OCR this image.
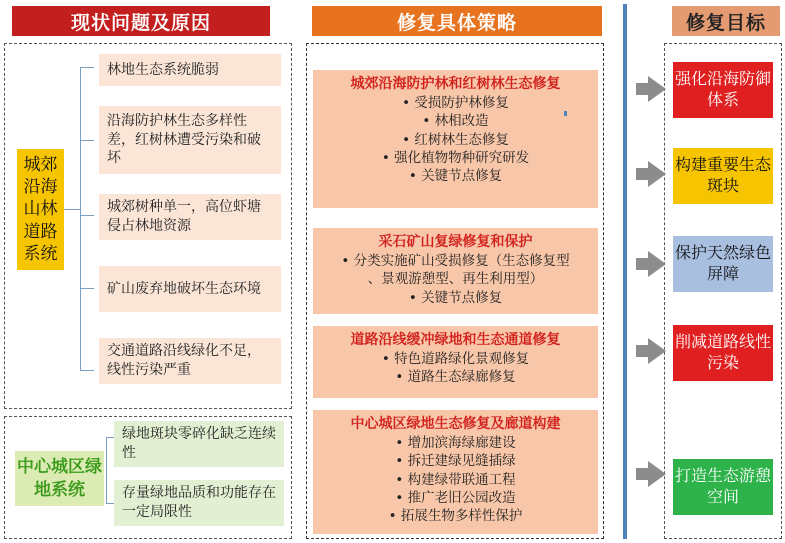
现状问题及原因	修复具体策略	修复目标
城郊沿海山林道路系统
中心城区绿地系统
林地生态系统脆弱
沿海防护林生态多样性差，红树林遭受污染和破坏
城郊树种单一，高位虾塘侵占林地资源
矿山废弃地破坏生态环境
交通道路沿线绿化不足，线性污染严重
绿地斑块零碎化缺乏连续性
存量绿地品质和功能存在一定局限性
城郊沿海防护林和红树林生态修复
• 受损防护林修复
• 林相改造
• 红树林生态修复
• 强化植物物种研究研发
• 关键节点修复
采石矿山复绿修复和保护
• 分类实施矿山受损修复（生态修复型
、景观游憩型、再生利用型）
• 关键节点修复
道路沿线缓冲绿地和生态通道修复
• 特色道路绿化景观修复
• 道路生态绿廊修复
中心城区绿地生态修复及廊道构建
• 增加滨海绿廊建设
• 拆迁建绿见缝插绿
• 构建绿带联通工程
• 推广老旧公园改造
• 拓展生物多样性保护
强化沿海防御体系
构建重要生态斑块
保护天然绿色屏障
削减道路线性污染
打造生态游憩空间
